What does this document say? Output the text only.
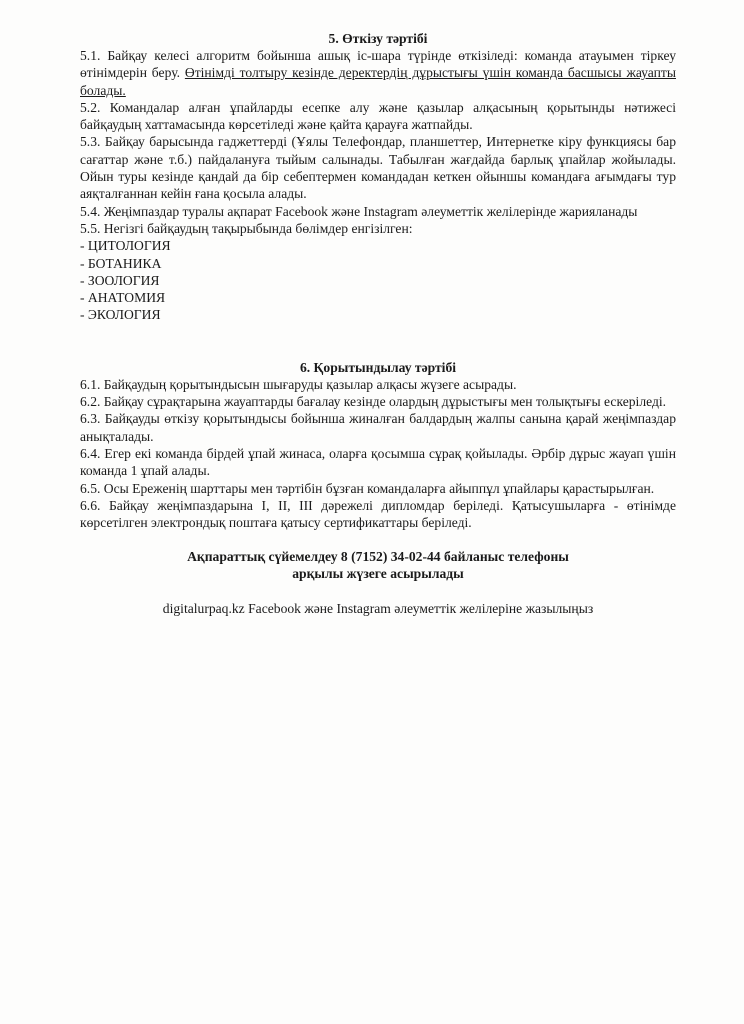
5. Өткізу тәртібі

5.1. Байқау келесі алгоритм бойынша ашық іс-шара түрінде өткізіледі: команда атауымен тіркеу өтінімдерін беру. Өтінімді толтыру кезінде деректердің дұрыстығы үшін команда басшысы жауапты болады.

5.2. Командалар алған ұпайларды есепке алу және қазылар алқасының қорытынды нәтижесі байқаудың хаттамасында көрсетіледі және қайта қарауға жатпайды.

5.3. Байқау барысында гаджеттерді (Ұялы Телефондар, планшеттер, Интернетке кіру функциясы бар сағаттар және т.б.) пайдалануға тыйым салынады. Табылған жағдайда барлық ұпайлар жойылады. Ойын туры кезінде қандай да бір себептермен командадан кеткен ойыншы командаға ағымдағы тур аяқталғаннан кейін ғана қосыла алады.

5.4. Жеңімпаздар туралы ақпарат Facebook және Instagram әлеуметтік желілерінде жарияланады

5.5. Негізгі байқаудың тақырыбында бөлімдер енгізілген:

- ЦИТОЛОГИЯ

- БОТАНИКА

- ЗООЛОГИЯ

- АНАТОМИЯ

- ЭКОЛОГИЯ

6. Қорытындылау тәртібі

6.1. Байқаудың қорытындысын шығаруды қазылар алқасы жүзеге асырады.

6.2. Байқау сұрақтарына жауаптарды бағалау кезінде олардың дұрыстығы мен толықтығы ескеріледі.

6.3. Байқауды өткізу қорытындысы бойынша жиналған балдардың жалпы санына қарай жеңімпаздар анықталады.

6.4. Егер екі команда бірдей ұпай жинаса, оларға қосымша сұрақ қойылады. Әрбір дұрыс жауап үшін команда 1 ұпай алады.

6.5. Осы Ереженің шарттары мен тәртібін бұзған командаларға айыппұл ұпайлары қарастырылған.

6.6. Байқау жеңімпаздарына I, II, III дәрежелі дипломдар беріледі. Қатысушыларға - өтінімде көрсетілген электрондық поштаға қатысу сертификаттары беріледі.

Ақпараттық сүйемелдеу 8 (7152) 34-02-44 байланыс телефоны

арқылы жүзеге асырылады

digitalurpaq.kz Facebook және Instagram әлеуметтік желілеріне жазылыңыз
